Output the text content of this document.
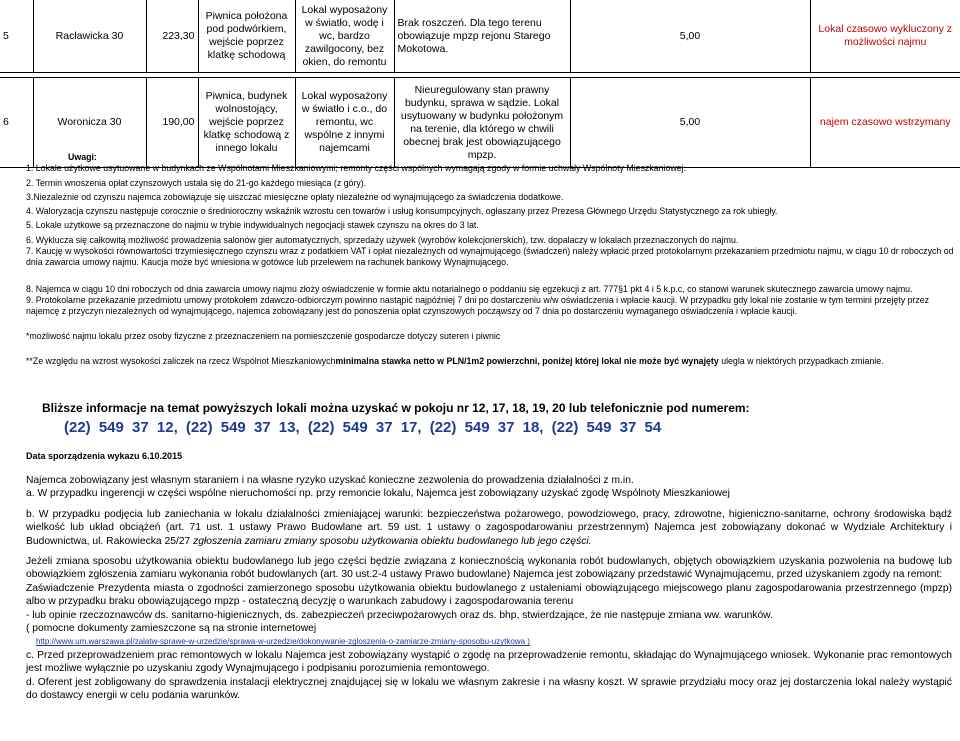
5	Racławicka 30	223,30	Piwnica położona pod podwórkiem, wejście poprzez klatkę schodową	Lokal wyposażony w światło, wodę i wc, bardzo zawilgocony, bez okien, do remontu	Brak roszczeń. Dla tego terenu obowiązuje mpzp rejonu Starego Mokotowa.	5,00	Lokal czasowo wykluczony z możliwości najmu

6	Woronicza 30	190,00	Piwnica, budynek wolnostojący, wejście poprzez klatkę schodową z innego lokalu	Lokal wyposażony w światło i c.o., do remontu, wc wspólne z innymi najemcami	Nieuregulowany stan prawny budynku, sprawa w sądzie. Lokal usytuowany w budynku położonym na terenie, dla którego w chwili obecnej brak jest obowiązującego mpzp.	5,00	najem czasowo wstrzymany
Uwagi:
1. Lokale użytkowe usytuowane w budynkach ze Wspólnotami Mieszkaniowymi; remonty części wspólnych wymagają zgody w formie uchwały Wspólnoty Mieszkaniowej.
2. Termin wnoszenia opłat czynszowych ustala się do 21-go każdego miesiąca (z góry).
3.Niezależnie od czynszu najemca zobowiązuje się uiszczać miesięczne opłaty niezależne od wynajmującego za świadczenia dodatkowe.
4. Waloryzacja czynszu następuje corocznie o średnioroczny wskaźnik wzrostu cen towarów i usług konsumpcyjnych, ogłaszany przez Prezesa Głównego Urzędu Statystycznego za rok ubiegły.
5. Lokale użytkowe są przeznaczone do najmu w trybie indywidualnych negocjacji stawek czynszu na okres do 3 lat.
6. Wyklucza się całkowitą możliwość prowadzenia salonów gier automatycznych, sprzedaży używek (wyrobów kolekcjonerskich), tzw. dopalaczy w lokalach przeznaczonych do najmu.
7. Kaucję w wysokości równowartości trzymiesięcznego czynszu wraz z podatkiem VAT i opłat niezależnych od wynajmującego (świadczeń) należy wpłacić przed protokolarnym przekazaniem przedmiotu najmu, w ciągu 10 dr roboczych od dnia zawarcia umowy najmu. Kaucja może być wniesiona w gotówce lub przelewem na rachunek bankowy Wynajmującego.
8. Najemca w ciągu 10 dni roboczych od dnia zawarcia umowy najmu złoży oświadczenie w formie aktu notarialnego o poddaniu się egzekucji z art. 777§1 pkt 4 i 5 k.p.c, co stanowi warunek skutecznego zawarcia umowy najmu.
9. Protokolarne przekazanie przedmiotu umowy protokołem zdawczo-odbiorczym powinno nastąpić najpóźniej 7 dni po dostarczeniu w/w oświadczenia i wpłacie kaucji. W przypadku gdy lokal nie zostanie w tym termini przejęty przez najemcę z przyczyn niezależnych od wynajmującego, najemca zobowiązany jest do ponoszenia opłat czynszowych począwszy od 7 dnia po dostarczeniu wymaganego oświadczenia i wpłacie kaucji.
*możliwość najmu lokalu przez osoby fizyczne z przeznaczeniem na pomieszczenie gospodarcze dotyczy suteren i piwnic
**Ze względu na wzrost wysokości zaliczek na rzecz Wspólnot Mieszkaniowychminimalna stawka netto w PLN/1m2 powierzchni, poniżej której lokal nie może być wynajęty ulegla w niektórych przypadkach zmianie.
Bliższe informacje na temat powyższych lokali można uzyskać w pokoju nr 12, 17, 18, 19, 20 lub telefonicznie pod numerem:
(22) 549 37 12, (22) 549 37 13, (22) 549 37 17, (22) 549 37 18, (22) 549 37 54
Data sporządzenia wykazu 6.10.2015

Najemca zobowiązany jest własnym staraniem i na własne ryzyko uzyskać konieczne zezwolenia do prowadzenia działalności z m.in.

a. W przypadku ingerencji w części wspólne nieruchomości np. przy remoncie lokalu, Najemca jest zobowiązany uzyskać zgodę Wspólnoty Mieszkaniowej

b. W przypadku podjęcia lub zaniechania w lokalu działalności zmieniającej warunki: bezpieczeństwa pożarowego, powodziowego, pracy, zdrowotne, higieniczno-sanitarne, ochrony środowiska bądź wielkość lub układ obciążeń (art. 71 ust. 1 ustawy Prawo Budowlane art. 59 ust. 1 ustawy o zagospodarowaniu przestrzennym) Najemca jest zobowiązany dokonać w Wydziale Architektury i Budownictwa, ul. Rakowiecka 25/27 zgłoszenia zamiaru zmiany sposobu użytkowania obiektu budowlanego lub jego części.

Jeżeli zmiana sposobu użytkowania obiektu budowlanego lub jego części będzie związana z koniecznością wykonania robót budowlanych, objętych obowiązkiem uzyskania pozwolenia na budowę lub obowiązkiem zgłoszenia zamiaru wykonania robót budowlanych (art. 30 ust.2-4 ustawy Prawo budowlane) Najemca jest zobowiązany przedstawić Wynajmującemu, przed uzyskaniem zgody na remont:

Zaświadczenie Prezydenta miasta o zgodności zamierzonego sposobu użytkowania obiektu budowlanego z ustaleniami obowiązującego miejscowego planu zagospodarowania przestrzennego (mpzp) albo w przypadku braku obowiązującego mpzp - ostateczną decyzję o warunkach zabudowy i zagospodarowania terenu

- lub opinie rzeczoznawców ds. sanitarno-higienicznych, ds. zabezpieczeń przeciwpożarowych oraz ds. bhp, stwierdzające, że nie następuje zmiana ww. warunków.

( pomocne dokumenty zamieszczone są na stronie internetowej

http://www.um.warszawa.pl/zalatw-sprawe-w-urzedzie/sprawa-w-urzedzie/dokonywanie-zgloszenia-o-zamiarze-zmiany-sposobu-uzytkowa )

c. Przed przeprowadzeniem prac remontowych w lokalu Najemca jest zobowiązany wystąpić o zgodę na przeprowadzenie remontu, składając do Wynajmującego wniosek. Wykonanie prac remontowych jest możliwe wyłącznie po uzyskaniu zgody Wynajmującego i podpisaniu porozumienia remontowego.

d. Oferent jest zobligowany do sprawdzenia instalacji elektrycznej znajdującej się w lokalu we własnym zakresie i na własny koszt. W sprawie przydziału mocy oraz jej dostarczenia lokal należy wystąpić do dostawcy energii w celu podania warunków.
